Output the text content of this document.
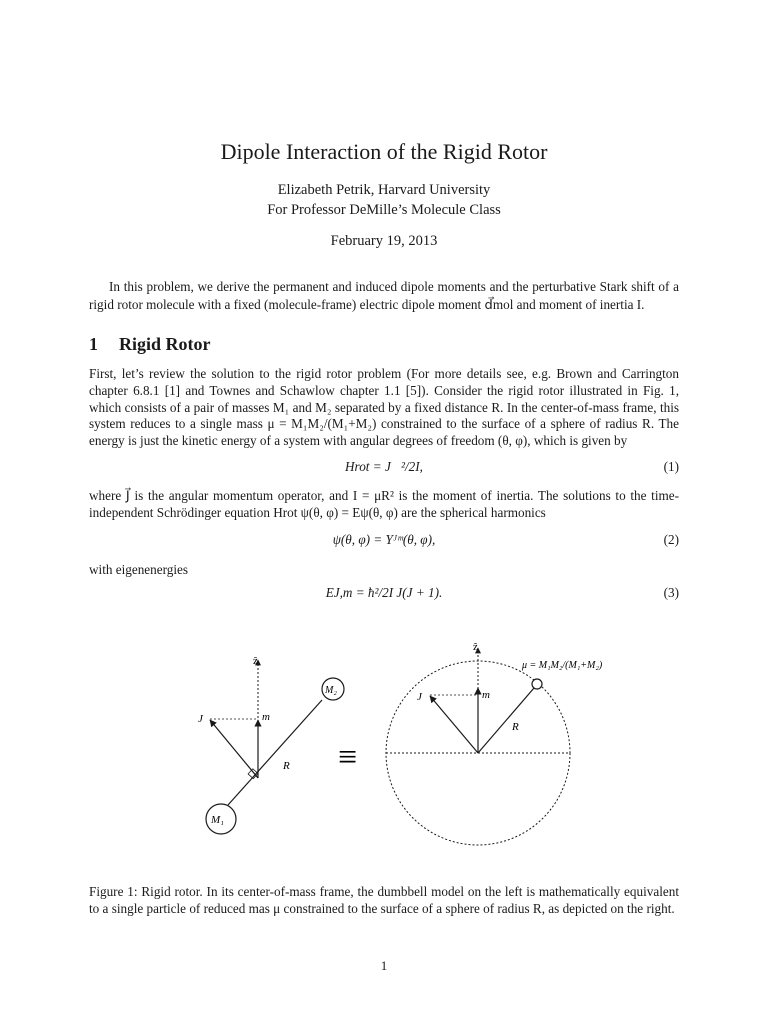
Dipole Interaction of the Rigid Rotor
Elizabeth Petrik, Harvard University
For Professor DeMille’s Molecule Class
February 19, 2013
In this problem, we derive the permanent and induced dipole moments and the perturbative Stark shift of a rigid rotor molecule with a fixed (molecule-frame) electric dipole moment d⃗mol and moment of inertia I.
1 Rigid Rotor
First, let’s review the solution to the rigid rotor problem (For more details see, e.g. Brown and Carrington chapter 6.8.1 [1] and Townes and Schawlow chapter 1.1 [5]). Consider the rigid rotor illustrated in Fig. 1, which consists of a pair of masses M₁ and M₂ separated by a fixed distance R. In the center-of-mass frame, this system reduces to a single mass μ = M₁M₂/(M₁+M₂) constrained to the surface of a sphere of radius R. The energy is just the kinetic energy of a system with angular degrees of freedom (θ, φ), which is given by
Hrot = J⃗²/2I,	(1)
where J⃗ is the angular momentum operator, and I = μR² is the moment of inertia. The solutions to the time-independent Schrödinger equation Hrot ψ(θ, φ) = Eψ(θ, φ) are the spherical harmonics
ψ(θ, φ) = Yᴶᵐ(θ, φ),	(2)
with eigenenergies
EJ,m = ħ²/2I J(J + 1).	(3)
ẑ
m
J⃗
R
M₁
M₂
≡
ẑ
m
J⃗
R
μ = M₁M₂/(M₁+M₂)
Figure 1: Rigid rotor. In its center-of-mass frame, the dumbbell model on the left is mathematically equivalent to a single particle of reduced mas μ constrained to the surface of a sphere of radius R, as depicted on the right.
1
